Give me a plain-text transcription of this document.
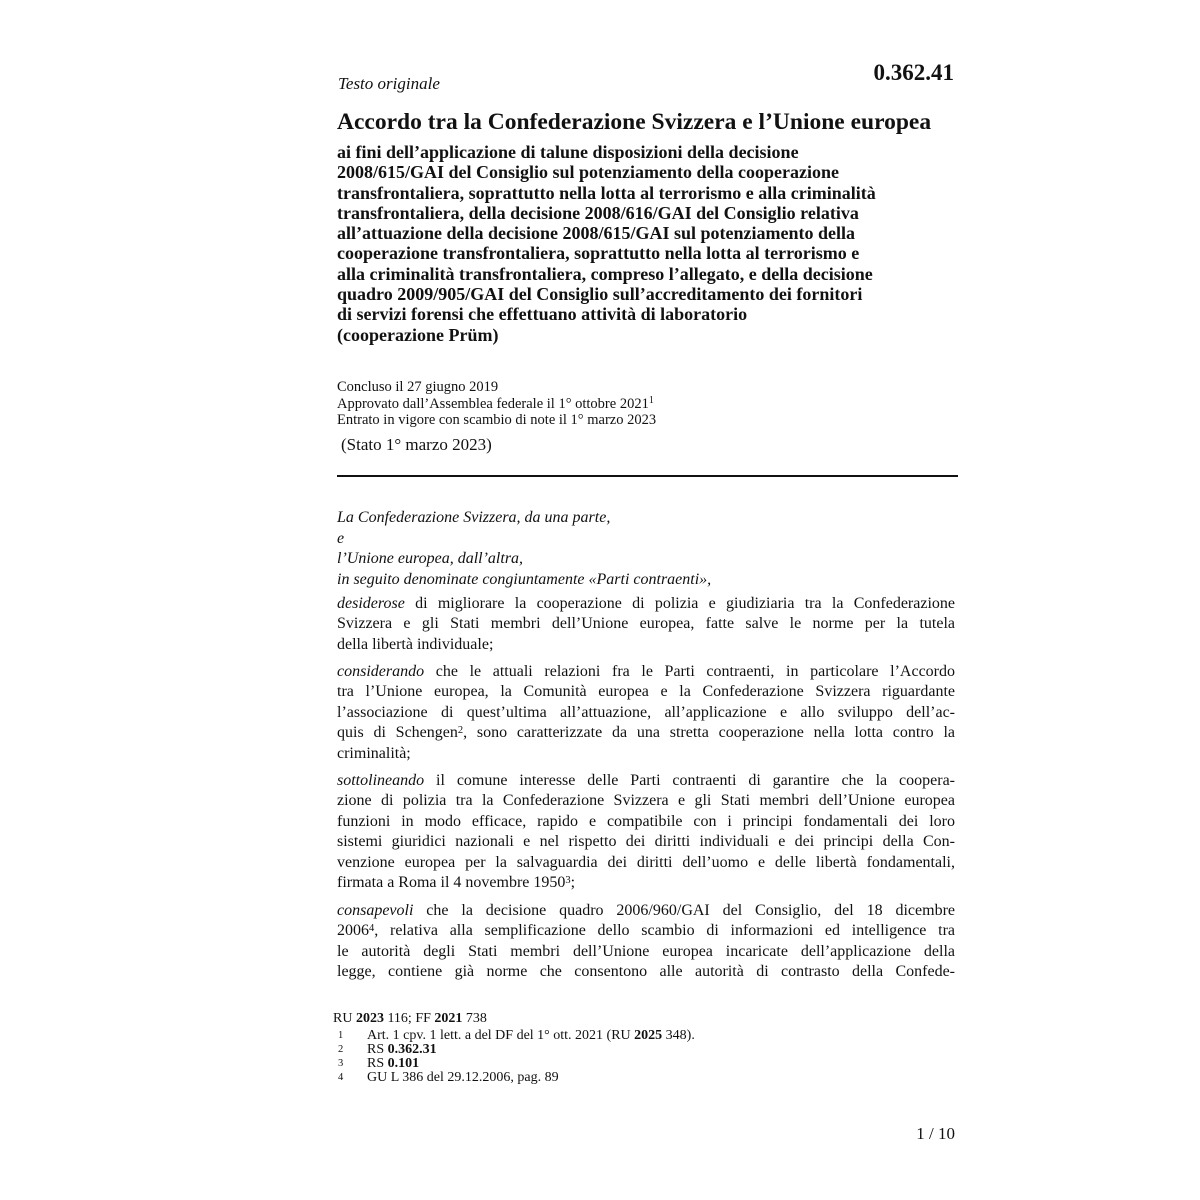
Testo originale	0.362.41
Accordo tra la Confederazione Svizzera e l’Unione europea
ai fini dell’applicazione di talune disposizioni della decisione
2008/615/GAI del Consiglio sul potenziamento della cooperazione
transfrontaliera, soprattutto nella lotta al terrorismo e alla criminalità
transfrontaliera, della decisione 2008/616/GAI del Consiglio relativa
all’attuazione della decisione 2008/615/GAI sul potenziamento della
cooperazione transfrontaliera, soprattutto nella lotta al terrorismo e
alla criminalità transfrontaliera, compreso l’allegato, e della decisione
quadro 2009/905/GAI del Consiglio sull’accreditamento dei fornitori
di servizi forensi che effettuano attività di laboratorio
(cooperazione Prüm)
Concluso il 27 giugno 2019
Approvato dall’Assemblea federale il 1° ottobre 2021$^1$
Entrato in vigore con scambio di note il 1° marzo 2023
(Stato 1° marzo 2023)
La Confederazione Svizzera, da una parte,
e
l’Unione europea, dall’altra,
in seguito denominate congiuntamente «Parti contraenti»,
desiderose di migliorare la cooperazione di polizia e giudiziaria tra la Confederazione
Svizzera e gli Stati membri dell’Unione europea, fatte salve le norme per la tutela
della libertà individuale;
considerando che le attuali relazioni fra le Parti contraenti, in particolare l’Accordo
tra l’Unione europea, la Comunità europea e la Confederazione Svizzera riguardante
l’associazione di quest’ultima all’attuazione, all’applicazione e allo sviluppo dell’ac-
quis di Schengen$^2$, sono caratterizzate da una stretta cooperazione nella lotta contro la
criminalità;
sottolineando il comune interesse delle Parti contraenti di garantire che la coopera-
zione di polizia tra la Confederazione Svizzera e gli Stati membri dell’Unione europea
funzioni in modo efficace, rapido e compatibile con i principi fondamentali dei loro
sistemi giuridici nazionali e nel rispetto dei diritti individuali e dei principi della Con-
venzione europea per la salvaguardia dei diritti dell’uomo e delle libertà fondamentali,
firmata a Roma il 4 novembre 1950$^3$;
consapevoli che la decisione quadro 2006/960/GAI del Consiglio, del 18 dicembre
2006$^4$, relativa alla semplificazione dello scambio di informazioni ed intelligence tra
le autorità degli Stati membri dell’Unione europea incaricate dell’applicazione della
legge, contiene già norme che consentono alle autorità di contrasto della Confede-
RU 2023 116; FF 2021 738
1	Art. 1 cpv. 1 lett. a del DF del 1° ott. 2021 (RU 2025 348).
2	RS 0.362.31
3	RS 0.101
4	GU L 386 del 29.12.2006, pag. 89
1 / 10
